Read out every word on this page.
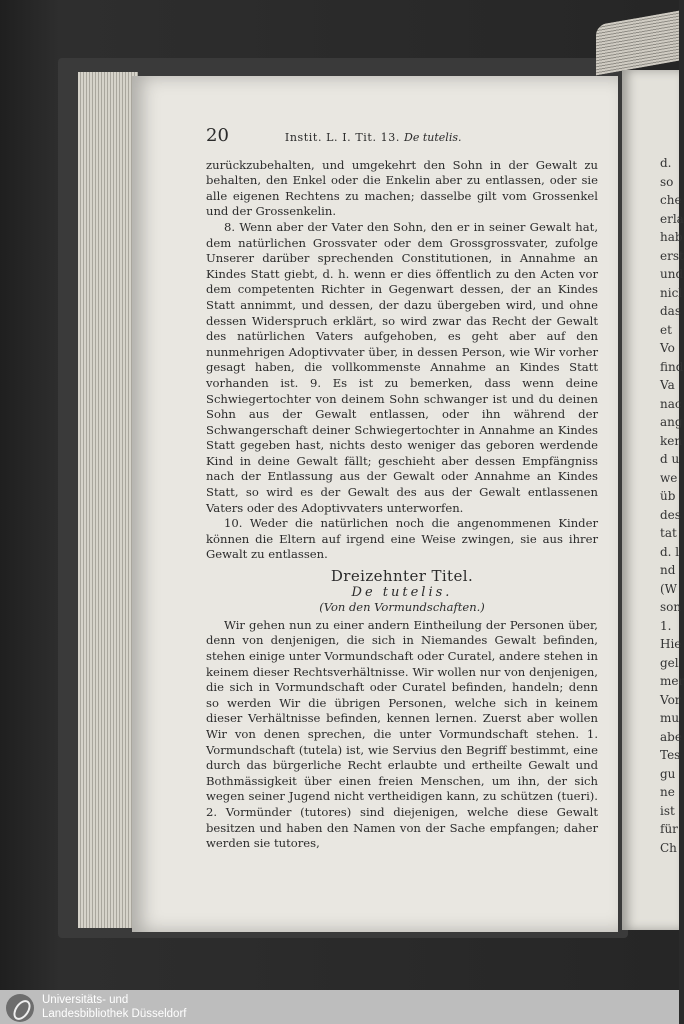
d.
so
che
erla
hab
erst
und
nicl
das
et
Vo
find
Va
nac
ang
ken
d u
we
üb
des
tat
d. l
nd
(W
son
1.
Hie
gel
mer
Vor
mu
abe
Tes
gu
ne
ist
für
Ch
20	Instit. L. I. Tit. 13. De tutelis.

zurückzubehalten, und umgekehrt den Sohn in der Gewalt zu behalten, den Enkel oder die Enkelin aber zu entlassen, oder sie alle eigenen Rechtens zu machen; dasselbe gilt vom Grossenkel und der Grossenkelin.

8. Wenn aber der Vater den Sohn, den er in seiner Gewalt hat, dem natürlichen Grossvater oder dem Grossgrossvater, zufolge Unserer darüber sprechenden Constitutionen, in Annahme an Kindes Statt giebt, d. h. wenn er dies öffentlich zu den Acten vor dem competenten Richter in Gegenwart dessen, der an Kindes Statt annimmt, und dessen, der dazu übergeben wird, und ohne dessen Widerspruch erklärt, so wird zwar das Recht der Gewalt des natürlichen Vaters aufgehoben, es geht aber auf den nunmehrigen Adoptivvater über, in dessen Person, wie Wir vorher gesagt haben, die vollkommenste Annahme an Kindes Statt vorhanden ist. 9. Es ist zu bemerken, dass wenn deine Schwiegertochter von deinem Sohn schwanger ist und du deinen Sohn aus der Gewalt entlassen, oder ihn während der Schwangerschaft deiner Schwiegertochter in Annahme an Kindes Statt gegeben hast, nichts desto weniger das geboren werdende Kind in deine Gewalt fällt; geschieht aber dessen Empfängniss nach der Entlassung aus der Gewalt oder Annahme an Kindes Statt, so wird es der Gewalt des aus der Gewalt entlassenen Vaters oder des Adoptivvaters unterworfen.

10. Weder die natürlichen noch die angenommenen Kinder können die Eltern auf irgend eine Weise zwingen, sie aus ihrer Gewalt zu entlassen.

Dreizehnter Titel.
De tutelis.
(Von den Vormundschaften.)

Wir gehen nun zu einer andern Eintheilung der Personen über, denn von denjenigen, die sich in Niemandes Gewalt befinden, stehen einige unter Vormundschaft oder Curatel, andere stehen in keinem dieser Rechtsverhältnisse. Wir wollen nur von denjenigen, die sich in Vormundschaft oder Curatel befinden, handeln; denn so werden Wir die übrigen Personen, welche sich in keinem dieser Verhältnisse befinden, kennen lernen. Zuerst aber wollen Wir von denen sprechen, die unter Vormundschaft stehen. 1. Vormundschaft (tutela) ist, wie Servius den Begriff bestimmt, eine durch das bürgerliche Recht erlaubte und ertheilte Gewalt und Bothmässigkeit über einen freien Menschen, um ihn, der sich wegen seiner Jugend nicht vertheidigen kann, zu schützen (tueri). 2. Vormünder (tutores) sind diejenigen, welche diese Gewalt besitzen und haben den Namen von der Sache empfangen; daher werden sie tutores,

Universitäts- und
Landesbibliothek Düsseldorf
